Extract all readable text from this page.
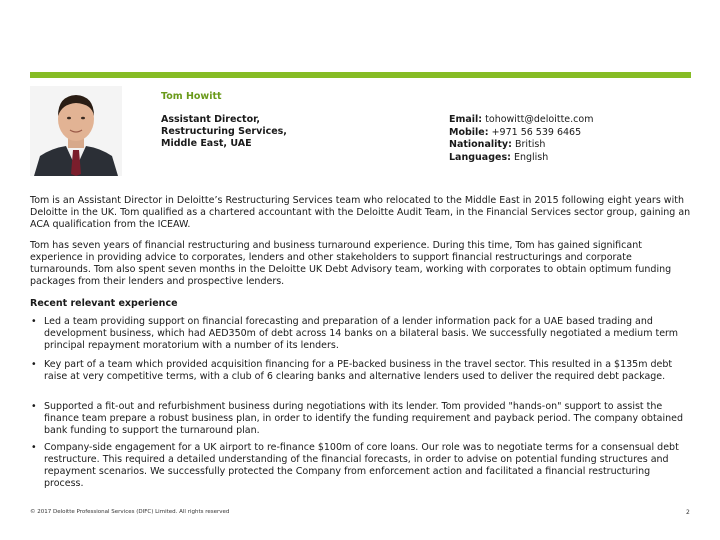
Tom Howitt
Assistant Director,
Restructuring Services,
Middle East, UAE
Email: tohowitt@deloitte.com
Mobile: +971 56 539 6465
Nationality: British
Languages: English
Tom is an Assistant Director in Deloitte’s Restructuring Services team who relocated to the Middle East in 2015 following eight years with Deloitte in the UK. Tom qualified as a chartered accountant with the Deloitte Audit Team, in the Financial Services sector group, gaining an ACA qualification from the ICEAW.
Tom has seven years of financial restructuring and business turnaround experience. During this time, Tom has gained significant experience in providing advice to corporates, lenders and other stakeholders to support financial restructurings and corporate turnarounds. Tom also spent seven months in the Deloitte UK Debt Advisory team, working with corporates to obtain optimum funding packages from their lenders and prospective lenders.
Recent relevant experience
• Led a team providing support on financial forecasting and preparation of a lender information pack for a UAE based trading and development business, which had AED350m of debt across 14 banks on a bilateral basis. We successfully negotiated a medium term principal repayment moratorium with a number of its lenders.
• Key part of a team which provided acquisition financing for a PE-backed business in the travel sector. This resulted in a $135m debt raise at very competitive terms, with a club of 6 clearing banks and alternative lenders used to deliver the required debt package.
• Supported a fit-out and refurbishment business during negotiations with its lender. Tom provided "hands-on" support to assist the finance team prepare a robust business plan, in order to identify the funding requirement and payback period. The company obtained bank funding to support the turnaround plan.
• Company-side engagement for a UK airport to re-finance $100m of core loans. Our role was to negotiate terms for a consensual debt restructure. This required a detailed understanding of the financial forecasts, in order to advise on potential funding structures and repayment scenarios. We successfully protected the Company from enforcement action and facilitated a financial restructuring process.
© 2017 Deloitte Professional Services (DIFC) Limited. All rights reserved	2
